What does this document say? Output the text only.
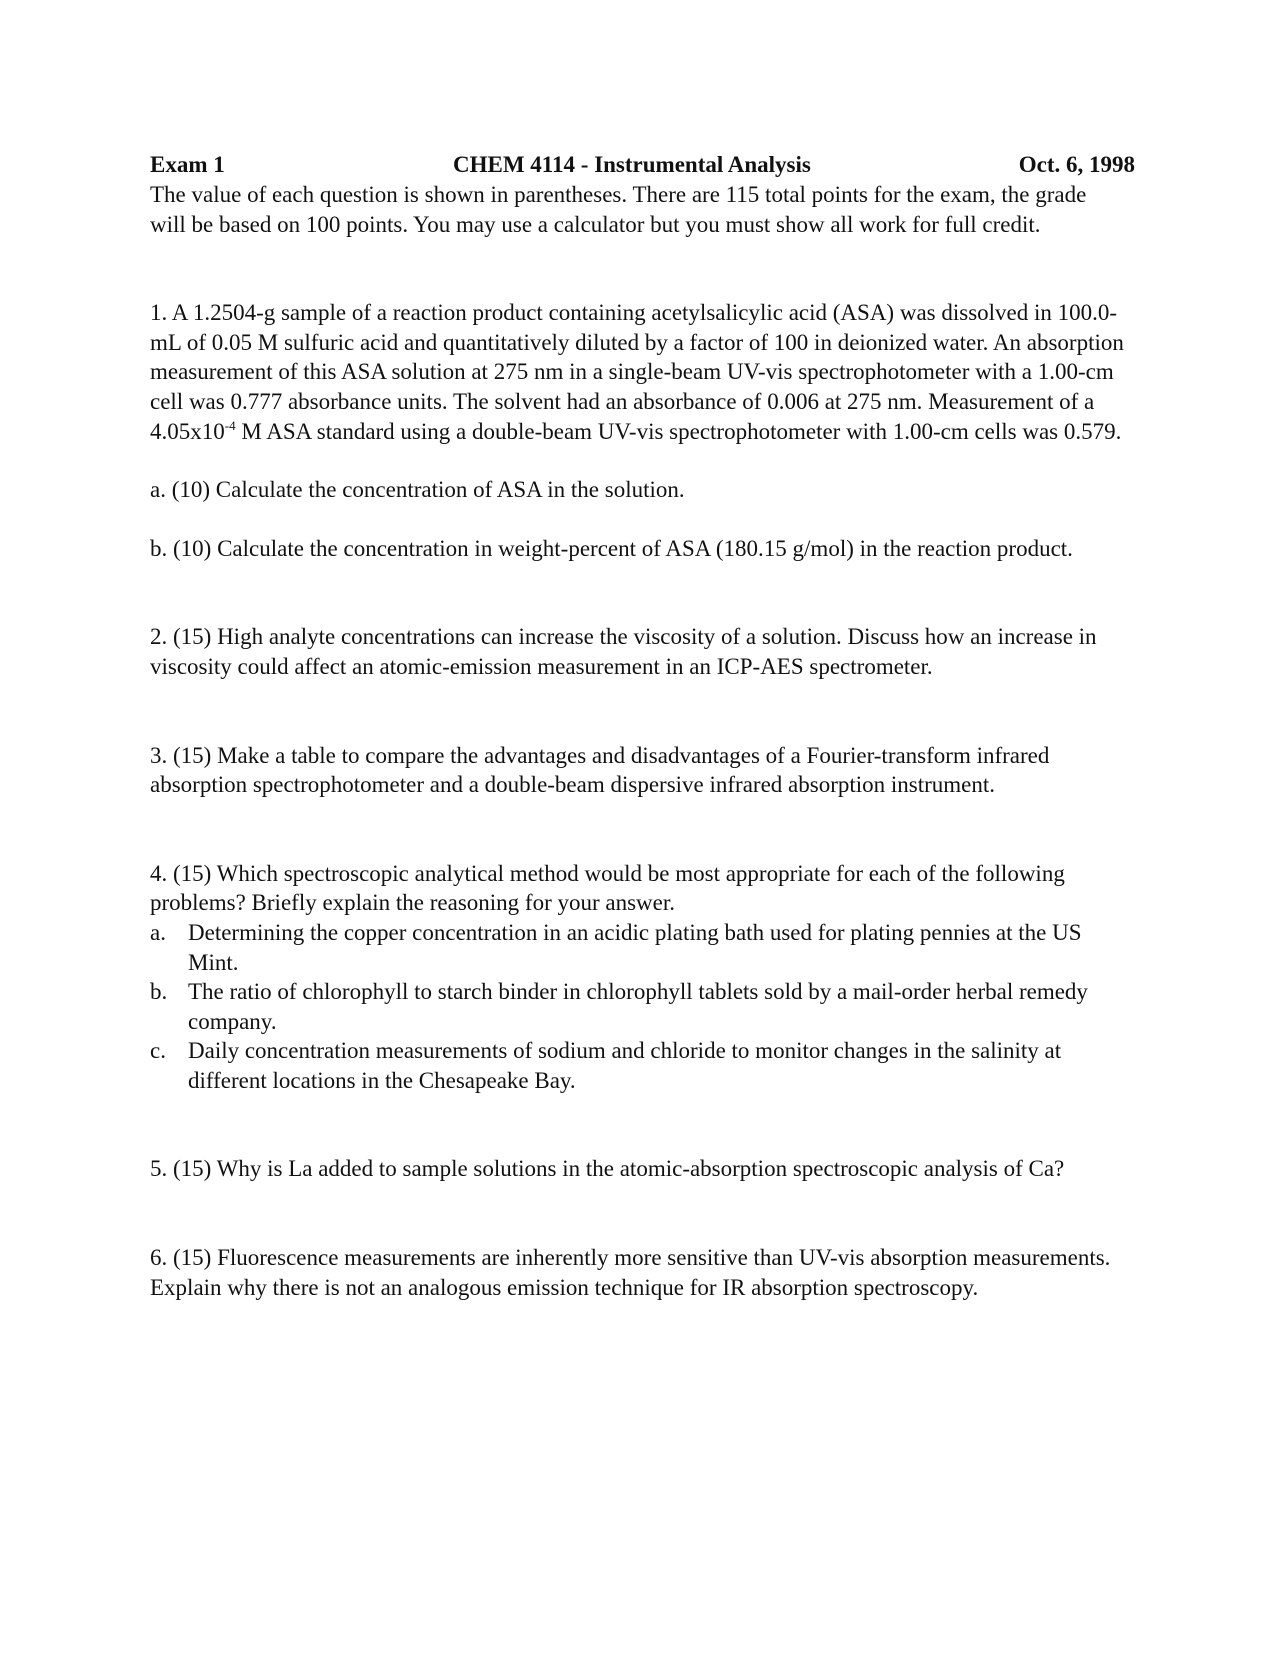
Exam 1	CHEM 4114 - Instrumental Analysis	Oct. 6, 1998

The value of each question is shown in parentheses. There are 115 total points for the exam, the grade will be based on 100 points. You may use a calculator but you must show all work for full credit.

1. A 1.2504-g sample of a reaction product containing acetylsalicylic acid (ASA) was dissolved in 100.0-mL of 0.05 M sulfuric acid and quantitatively diluted by a factor of 100 in deionized water. An absorption measurement of this ASA solution at 275 nm in a single-beam UV-vis spectrophotometer with a 1.00-cm cell was 0.777 absorbance units. The solvent had an absorbance of 0.006 at 275 nm. Measurement of a $4.05x10^{-4}$ M ASA standard using a double-beam UV-vis spectrophotometer with 1.00-cm cells was 0.579.

a. (10) Calculate the concentration of ASA in the solution.

b. (10) Calculate the concentration in weight-percent of ASA (180.15 g/mol) in the reaction product.

2. (15) High analyte concentrations can increase the viscosity of a solution. Discuss how an increase in viscosity could affect an atomic-emission measurement in an ICP-AES spectrometer.

3. (15) Make a table to compare the advantages and disadvantages of a Fourier-transform infrared absorption spectrophotometer and a double-beam dispersive infrared absorption instrument.

4. (15) Which spectroscopic analytical method would be most appropriate for each of the following problems? Briefly explain the reasoning for your answer.

a. Determining the copper concentration in an acidic plating bath used for plating pennies at the US Mint.
b. The ratio of chlorophyll to starch binder in chlorophyll tablets sold by a mail-order herbal remedy company.
c. Daily concentration measurements of sodium and chloride to monitor changes in the salinity at different locations in the Chesapeake Bay.

5. (15) Why is La added to sample solutions in the atomic-absorption spectroscopic analysis of Ca?

6. (15) Fluorescence measurements are inherently more sensitive than UV-vis absorption measurements. Explain why there is not an analogous emission technique for IR absorption spectroscopy.
